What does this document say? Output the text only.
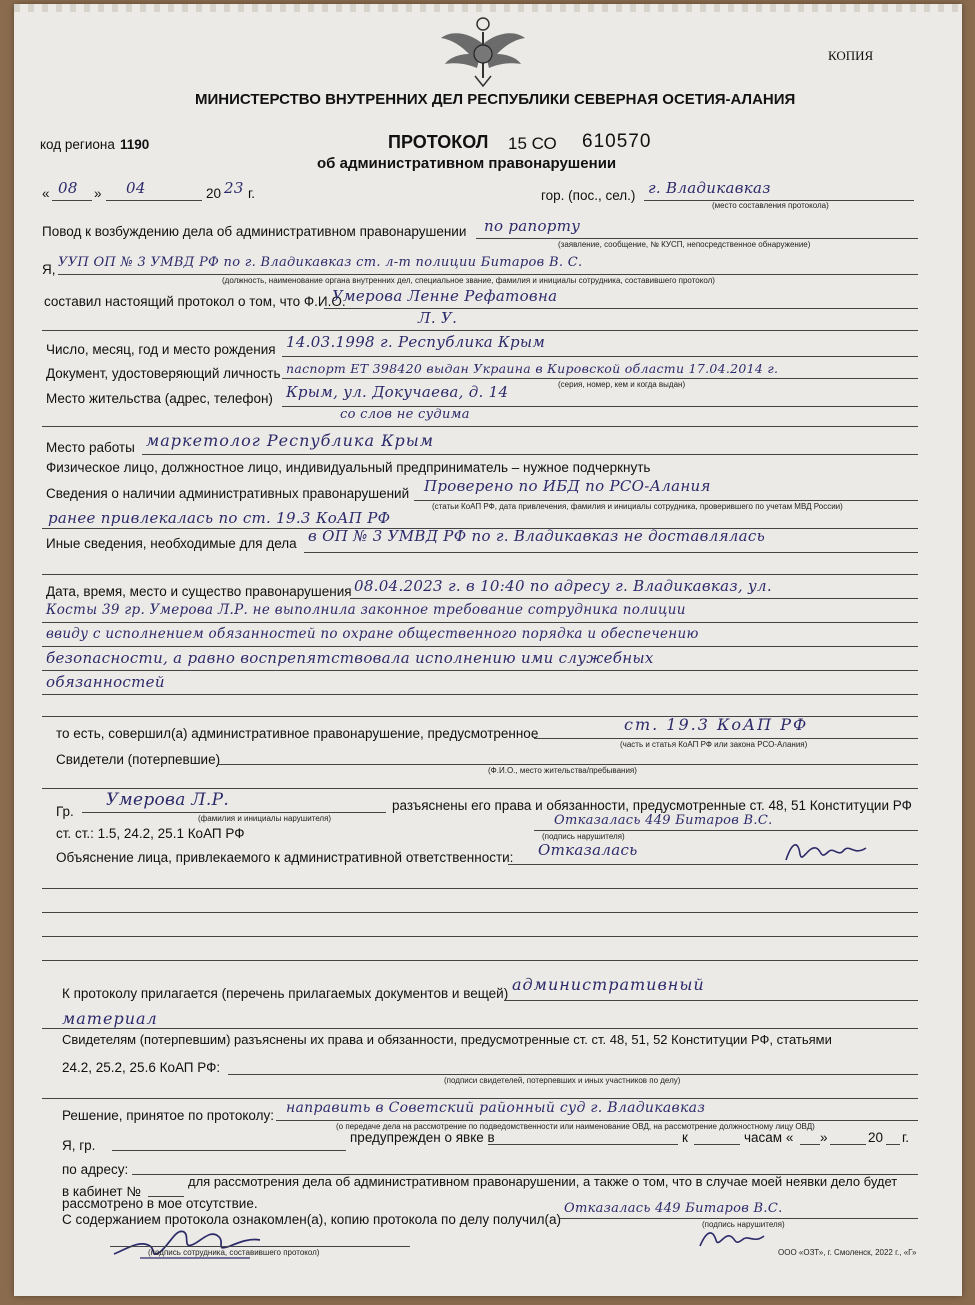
КОПИЯ
МИНИСТЕРСТВО ВНУТРЕННИХ ДЕЛ РЕСПУБЛИКИ СЕВЕРНАЯ ОСЕТИЯ-АЛАНИЯ
код региона 1190	ПРОТОКОЛ 15 СО 610570
об административном правонарушении
« 08 » 04	20 23 г.	гор. (пос., сел.) г. Владикавказ
(место составления протокола)
Повод к возбуждению дела об административном правонарушении по рапорту
(заявление, сообщение, № КУСП, непосредственное обнаружение)
Я, УУП ОП № 3 УМВД РФ по г. Владикавказ ст. л-т полиции Битаров В. С.
(должность, наименование органа внутренних дел, специальное звание, фамилия и инициалы сотрудника, составившего протокол)
составил настоящий протокол о том, что Ф.И.О.
Умерова Ленне Рефатовна
Л. У.
Число, месяц, год и место рождения 14.03.1998 г. Республика Крым
Документ, удостоверяющий личность паспорт ЕТ 398420 выдан Украина в Кировской области 17.04.2014 г.
(серия, номер, кем и когда выдан)
Место жительства (адрес, телефон) Крым, ул. Докучаева, д. 14
со слов не судима
Место работы маркетолог Республика Крым
Физическое лицо, должностное лицо, индивидуальный предприниматель – нужное подчеркнуть
Сведения о наличии административных правонарушений Проверено по ИБД по РСО-Алания
(статьи КоАП РФ, дата привлечения, фамилия и инициалы сотрудника, проверившего по учетам МВД России)
ранее привлекалась по ст. 19.3 КоАП РФ
Иные сведения, необходимые для дела в ОП № 3 УМВД РФ по г. Владикавказ не доставлялась
Дата, время, место и существо правонарушения 08.04.2023 г. в 10:40 по адресу г. Владикавказ, ул.
Косты 39 гр. Умерова Л.Р. не выполнила законное требование сотрудника полиции
ввиду с исполнением обязанностей по охране общественного порядка и обеспечению
безопасности, а равно воспрепятствовала исполнению ими служебных
обязанностей
то есть, совершил(а) административное правонарушение, предусмотренное	ст. 19.3 КоАП РФ
(часть и статья КоАП РФ или закона РСО-Алания)
Свидетели (потерпевшие)
(Ф.И.О., место жительства/пребывания)
Гр.
Умерова Л.Р.
(фамилия и инициалы нарушителя)
разъяснены его права и обязанности, предусмотренные ст. 48, 51 Конституции РФ
ст. ст.: 1.5, 24.2, 25.1 КоАП РФ
Отказалась 449 Битаров В.С.
(подпись нарушителя)
Объяснение лица, привлекаемого к административной ответственности: Отказалась
К протоколу прилагается (перечень прилагаемых документов и вещей) административный
материал
Свидетелям (потерпевшим) разъяснены их права и обязанности, предусмотренные ст. ст. 48, 51, 52 Конституции РФ, статьями
24.2, 25.2, 25.6 КоАП РФ:
(подписи свидетелей, потерпевших и иных участников по делу)
Решение, принятое по протоколу: направить в Советский районный суд г. Владикавказ
(о передаче дела на рассмотрение по подведомственности или наименование ОВД, на рассмотрение должностному лицу ОВД)
Я, гр.
предупрежден о явке в	к	часам « »	20 г.
по адресу:
в кабинет №
для рассмотрения дела об административном правонарушении, а также о том, что в случае моей неявки дело будет
рассмотрено в мое отсутствие.
С содержанием протокола ознакомлен(а), копию протокола по делу получил(а)
Отказалась 449 Битаров В.С.
(подпись нарушителя)
(подпись сотрудника, составившего протокол)	ООО «ОЗТ», г. Смоленск, 2022 г., «Г»
